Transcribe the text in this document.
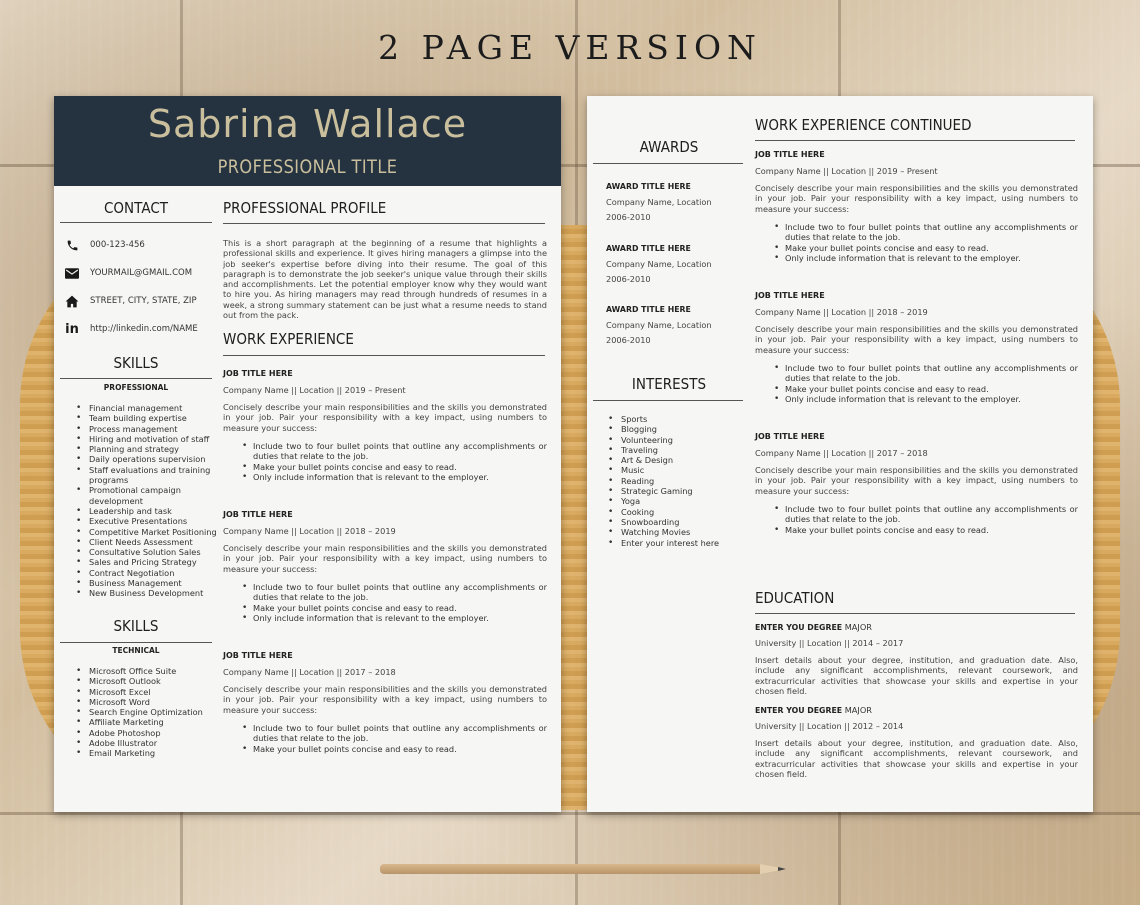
2 PAGE VERSION
Sabrina Wallace
PROFESSIONAL TITLE
CONTACT
000-123-456
YOURMAIL@GMAIL.COM
STREET, CITY, STATE, ZIP
in http://linkedin.com/NAME
SKILLS
PROFESSIONAL
• Financial management
• Team building expertise
• Process management
• Hiring and motivation of staff
• Planning and strategy
• Daily operations supervision
• Staff evaluations and training programs
• Promotional campaign development
• Leadership and task
• Executive Presentations
• Competitive Market Positioning
• Client Needs Assessment
• Consultative Solution Sales
• Sales and Pricing Strategy
• Contract Negotiation
• Business Management
• New Business Development
SKILLS
TECHNICAL
• Microsoft Office Suite
• Microsoft Outlook
• Microsoft Excel
• Microsoft Word
• Search Engine Optimization
• Affiliate Marketing
• Adobe Photoshop
• Adobe Illustrator
• Email Marketing
PROFESSIONAL PROFILE
This is a short paragraph at the beginning of a resume that highlights a professional skills and experience. It gives hiring managers a glimpse into the job seeker's expertise before diving into their resume. The goal of this paragraph is to demonstrate the job seeker's unique value through their skills and accomplishments. Let the potential employer know why they would want to hire you. As hiring managers may read through hundreds of resumes in a week, a strong summary statement can be just what a resume needs to stand out from the pack.
WORK EXPERIENCE
JOB TITLE HERE
Company Name || Location || 2019 – Present
Concisely describe your main responsibilities and the skills you demonstrated in your job. Pair your responsibility with a key impact, using numbers to measure your success:
• Include two to four bullet points that outline any accomplishments or duties that relate to the job.
• Make your bullet points concise and easy to read.
• Only include information that is relevant to the employer.
JOB TITLE HERE
Company Name || Location || 2018 – 2019
Concisely describe your main responsibilities and the skills you demonstrated in your job. Pair your responsibility with a key impact, using numbers to measure your success:
• Include two to four bullet points that outline any accomplishments or duties that relate to the job.
• Make your bullet points concise and easy to read.
• Only include information that is relevant to the employer.
JOB TITLE HERE
Company Name || Location || 2017 – 2018
Concisely describe your main responsibilities and the skills you demonstrated in your job. Pair your responsibility with a key impact, using numbers to measure your success:
• Include two to four bullet points that outline any accomplishments or duties that relate to the job.
• Make your bullet points concise and easy to read.
AWARDS
AWARD TITLE HERE
Company Name, Location
2006-2010
AWARD TITLE HERE
Company Name, Location
2006-2010
AWARD TITLE HERE
Company Name, Location
2006-2010
INTERESTS
• Sports
• Blogging
• Volunteering
• Traveling
• Art & Design
• Music
• Reading
• Strategic Gaming
• Yoga
• Cooking
• Snowboarding
• Watching Movies
• Enter your interest here
WORK EXPERIENCE CONTINUED
JOB TITLE HERE
Company Name || Location || 2019 – Present
Concisely describe your main responsibilities and the skills you demonstrated in your job. Pair your responsibility with a key impact, using numbers to measure your success:
• Include two to four bullet points that outline any accomplishments or duties that relate to the job.
• Make your bullet points concise and easy to read.
• Only include information that is relevant to the employer.
JOB TITLE HERE
Company Name || Location || 2018 – 2019
Concisely describe your main responsibilities and the skills you demonstrated in your job. Pair your responsibility with a key impact, using numbers to measure your success:
• Include two to four bullet points that outline any accomplishments or duties that relate to the job.
• Make your bullet points concise and easy to read.
• Only include information that is relevant to the employer.
JOB TITLE HERE
Company Name || Location || 2017 – 2018
Concisely describe your main responsibilities and the skills you demonstrated in your job. Pair your responsibility with a key impact, using numbers to measure your success:
• Include two to four bullet points that outline any accomplishments or duties that relate to the job.
• Make your bullet points concise and easy to read.
EDUCATION
ENTER YOU DEGREE MAJOR
University || Location || 2014 – 2017
Insert details about your degree, institution, and graduation date. Also, include any significant accomplishments, relevant coursework, and extracurricular activities that showcase your skills and expertise in your chosen field.
ENTER YOU DEGREE MAJOR
University || Location || 2012 – 2014
Insert details about your degree, institution, and graduation date. Also, include any significant accomplishments, relevant coursework, and extracurricular activities that showcase your skills and expertise in your chosen field.
